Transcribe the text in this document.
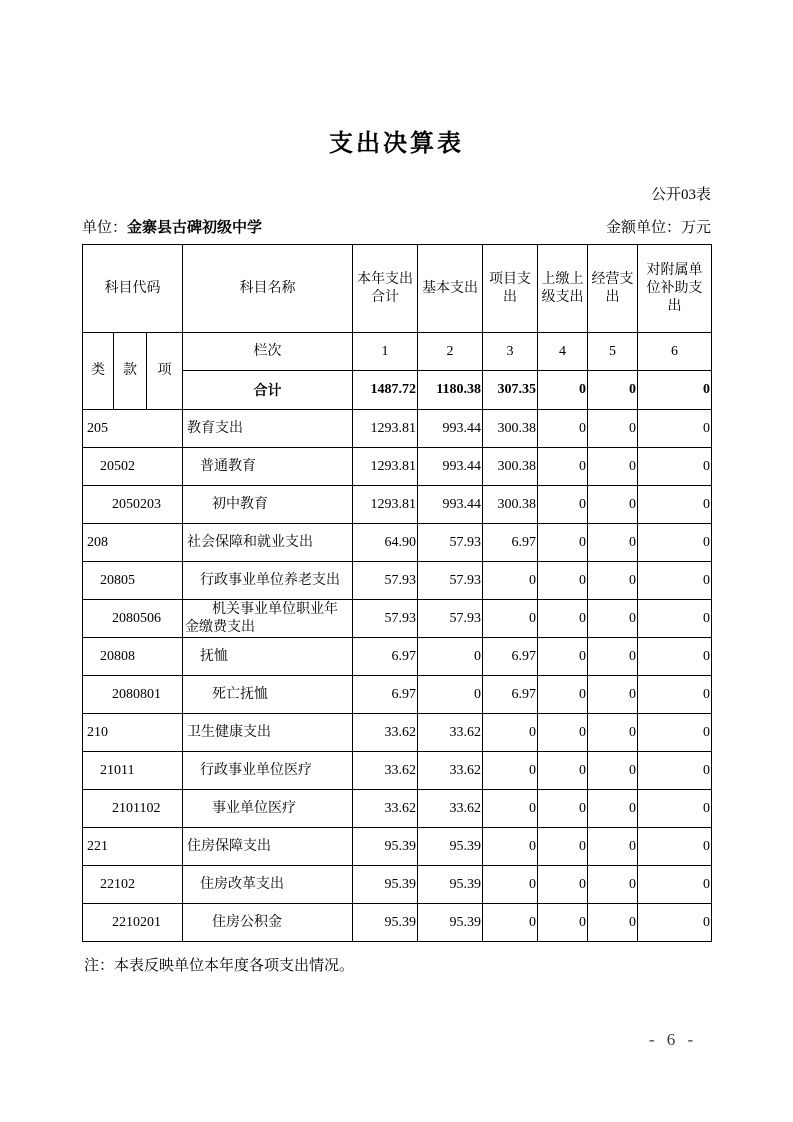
支出决算表
公开03表
单位：金寨县古碑初级中学	金额单位：万元
科目代码			科目名称	本年支出合计	基本支出	项目支出	上缴上级支出	经营支出	对附属单位补助支出
类	款	项	栏次	1	2	3	4	5	6
			合计	1487.72	1180.38	307.35	0	0	0
205			教育支出	1293.81	993.44	300.38	0	0	0
20502			普通教育	1293.81	993.44	300.38	0	0	0
2050203			初中教育	1293.81	993.44	300.38	0	0	0
208			社会保障和就业支出	64.90	57.93	6.97	0	0	0
20805			行政事业单位养老支出	57.93	57.93	0	0	0	0
2080506			机关事业单位职业年金缴费支出	57.93	57.93	0	0	0	0
20808			抚恤	6.97	0	6.97	0	0	0
2080801			死亡抚恤	6.97	0	6.97	0	0	0
210			卫生健康支出	33.62	33.62	0	0	0	0
21011			行政事业单位医疗	33.62	33.62	0	0	0	0
2101102			事业单位医疗	33.62	33.62	0	0	0	0
221			住房保障支出	95.39	95.39	0	0	0	0
22102			住房改革支出	95.39	95.39	0	0	0	0
2210201			住房公积金	95.39	95.39	0	0	0	0
注：本表反映单位本年度各项支出情况。
- 6 -
